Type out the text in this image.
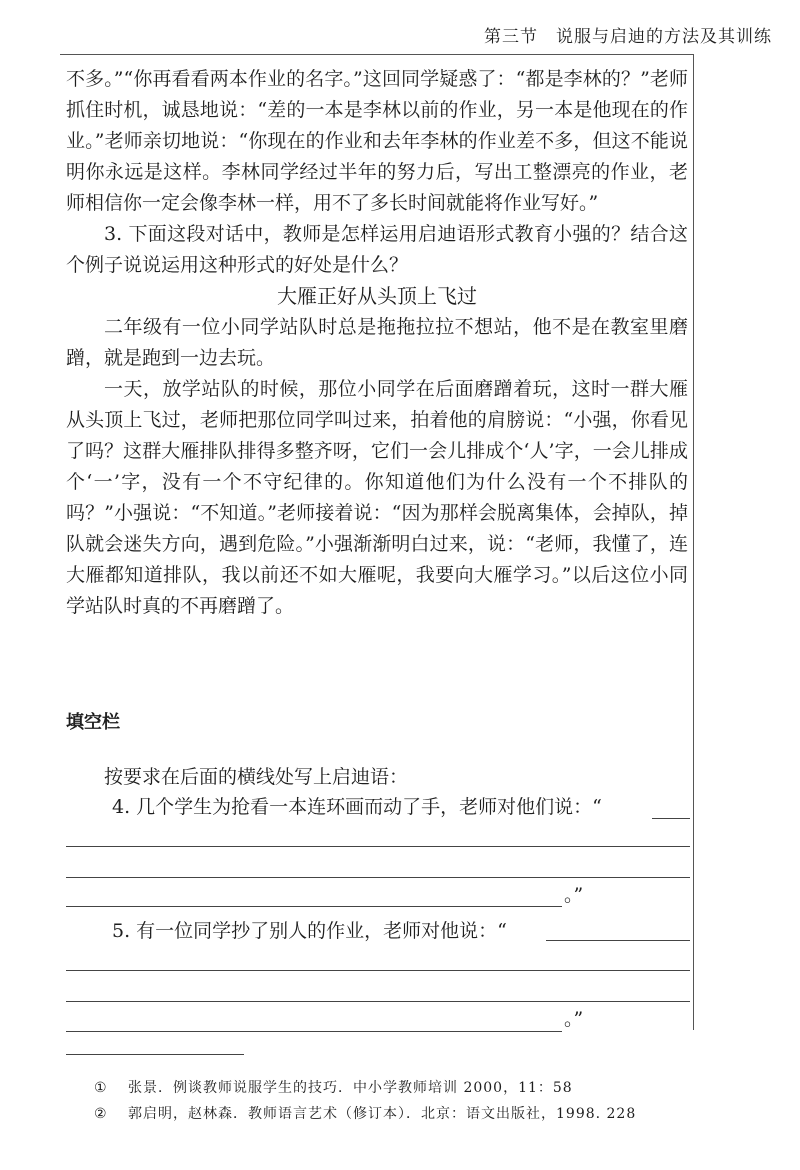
第三节　说服与启迪的方法及其训练

不多。”“你再看看两本作业的名字。”这回同学疑惑了：“都是李林的？”老师抓住时机，诚恳地说：“差的一本是李林以前的作业，另一本是他现在的作业。”老师亲切地说：“你现在的作业和去年李林的作业差不多，但这不能说明你永远是这样。李林同学经过半年的努力后，写出工整漂亮的作业，老师相信你一定会像李林一样，用不了多长时间就能将作业写好。”

3. 下面这段对话中，教师是怎样运用启迪语形式教育小强的？结合这个例子说说运用这种形式的好处是什么？

大雁正好从头顶上飞过

二年级有一位小同学站队时总是拖拖拉拉不想站，他不是在教室里磨蹭，就是跑到一边去玩。

一天，放学站队的时候，那位小同学在后面磨蹭着玩，这时一群大雁从头顶上飞过，老师把那位同学叫过来，拍着他的肩膀说：“小强，你看见了吗？这群大雁排队排得多整齐呀，它们一会儿排成个‘人’字，一会儿排成个‘一’字，没有一个不守纪律的。你知道他们为什么没有一个不排队的吗？”小强说：“不知道。”老师接着说：“因为那样会脱离集体，会掉队，掉队就会迷失方向，遇到危险。”小强渐渐明白过来，说：“老师，我懂了，连大雁都知道排队，我以前还不如大雁呢，我要向大雁学习。”以后这位小同学站队时真的不再磨蹭了。

填空栏
按要求在后面的横线处写上启迪语：
4. 几个学生为抢看一本连环画而动了手，老师对他们说：“
。”
5. 有一位同学抄了别人的作业，老师对他说：“
。”
① 张景．例谈教师说服学生的技巧．中小学教师培训 2000，11：58
② 郭启明，赵林森．教师语言艺术（修订本）．北京：语文出版社，1998. 228
